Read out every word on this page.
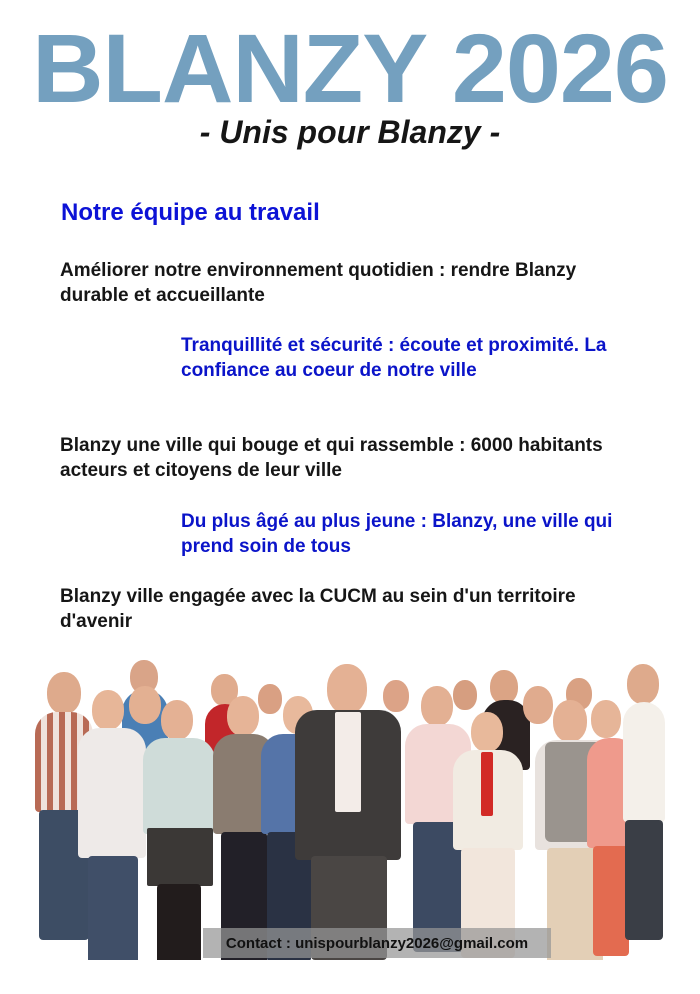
BLANZY 2026
- Unis pour Blanzy -
Notre équipe au travail
Améliorer notre environnement quotidien : rendre Blanzy durable et accueillante
Tranquillité et sécurité : écoute et proximité. La confiance au coeur de notre ville
Blanzy une ville qui bouge et qui rassemble : 6000 habitants acteurs et citoyens de leur ville
Du plus âgé au plus jeune : Blanzy, une ville qui prend soin de tous
Blanzy ville engagée avec la CUCM au sein d'un territoire d'avenir
Contact : unispourblanzy2026@gmail.com
